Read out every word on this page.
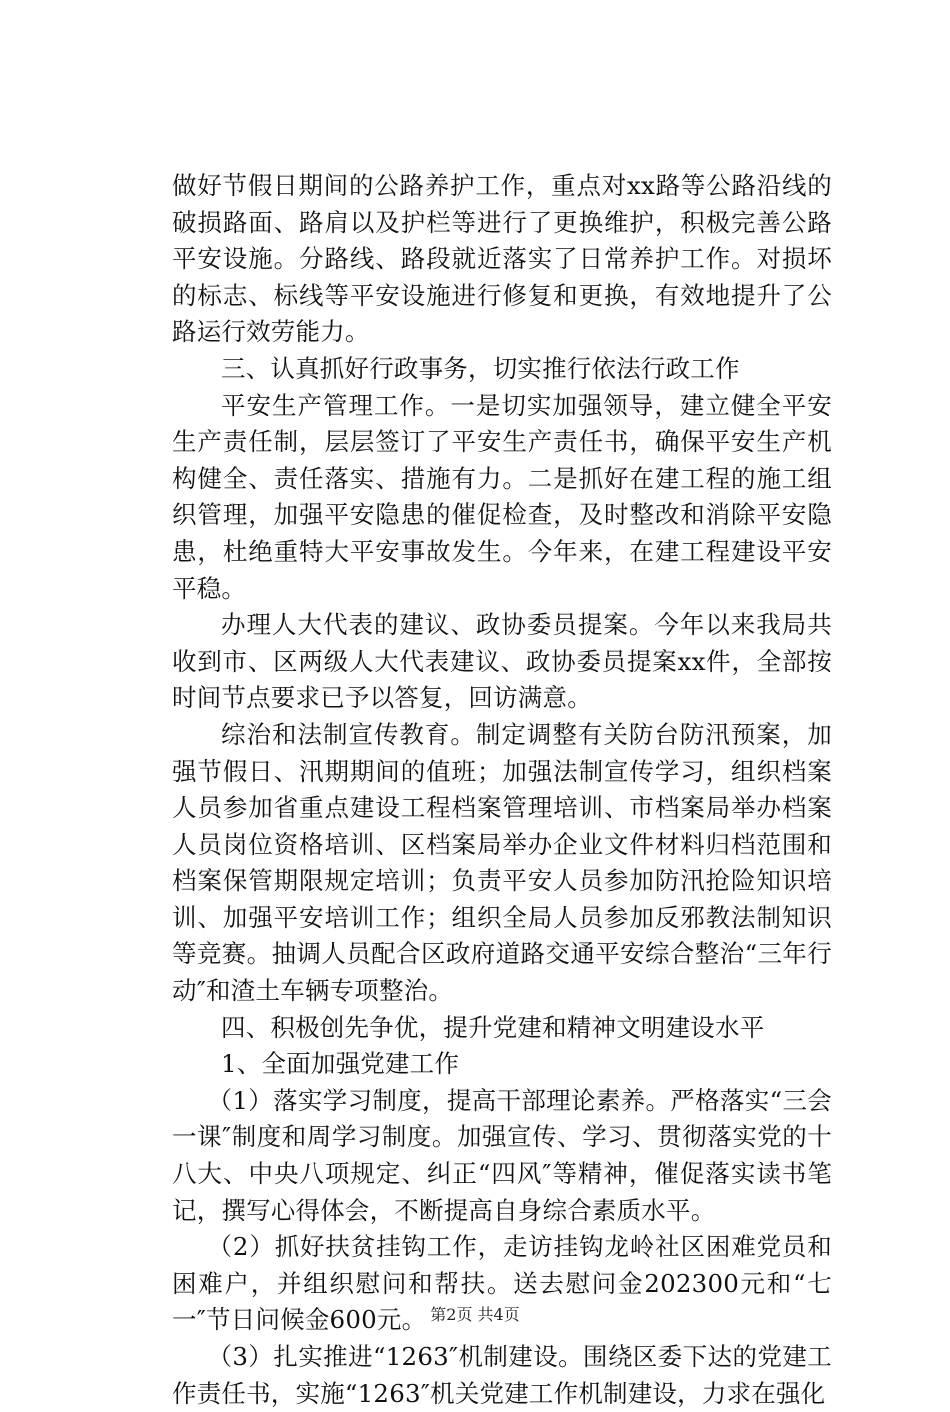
做好节假日期间的公路养护工作，重点对xx路等公路沿线的破损路面、路肩以及护栏等进行了更换维护，积极完善公路平安设施。分路线、路段就近落实了日常养护工作。对损坏的标志、标线等平安设施进行修复和更换，有效地提升了公路运行效劳能力。

三、认真抓好行政事务，切实推行依法行政工作

平安生产管理工作。一是切实加强领导，建立健全平安生产责任制，层层签订了平安生产责任书，确保平安生产机构健全、责任落实、措施有力。二是抓好在建工程的施工组织管理，加强平安隐患的催促检查，及时整改和消除平安隐患，杜绝重特大平安事故发生。今年来，在建工程建设平安平稳。

办理人大代表的建议、政协委员提案。今年以来我局共收到市、区两级人大代表建议、政协委员提案xx件，全部按时间节点要求已予以答复，回访满意。

综治和法制宣传教育。制定调整有关防台防汛预案，加强节假日、汛期期间的值班；加强法制宣传学习，组织档案人员参加省重点建设工程档案管理培训、市档案局举办档案人员岗位资格培训、区档案局举办企业文件材料归档范围和档案保管期限规定培训；负责平安人员参加防汛抢险知识培训、加强平安培训工作；组织全局人员参加反邪教法制知识等竞赛。抽调人员配合区政府道路交通平安综合整治“三年行动″和渣土车辆专项整治。

四、积极创先争优，提升党建和精神文明建设水平

1、全面加强党建工作

（1）落实学习制度，提高干部理论素养。严格落实“三会一课″制度和周学习制度。加强宣传、学习、贯彻落实党的十八大、中央八项规定、纠正“四风″等精神，催促落实读书笔记，撰写心得体会，不断提高自身综合素质水平。

（2）抓好扶贫挂钩工作，走访挂钩龙岭社区困难党员和困难户，并组织慰问和帮扶。送去慰问金202300元和“七一″节日问候金600元。

（3）扎实推进“1263″机制建设。围绕区委下达的党建工作责任书，实施“1263″机关党建工作机制建设，力求在强化

第2页 共4页
